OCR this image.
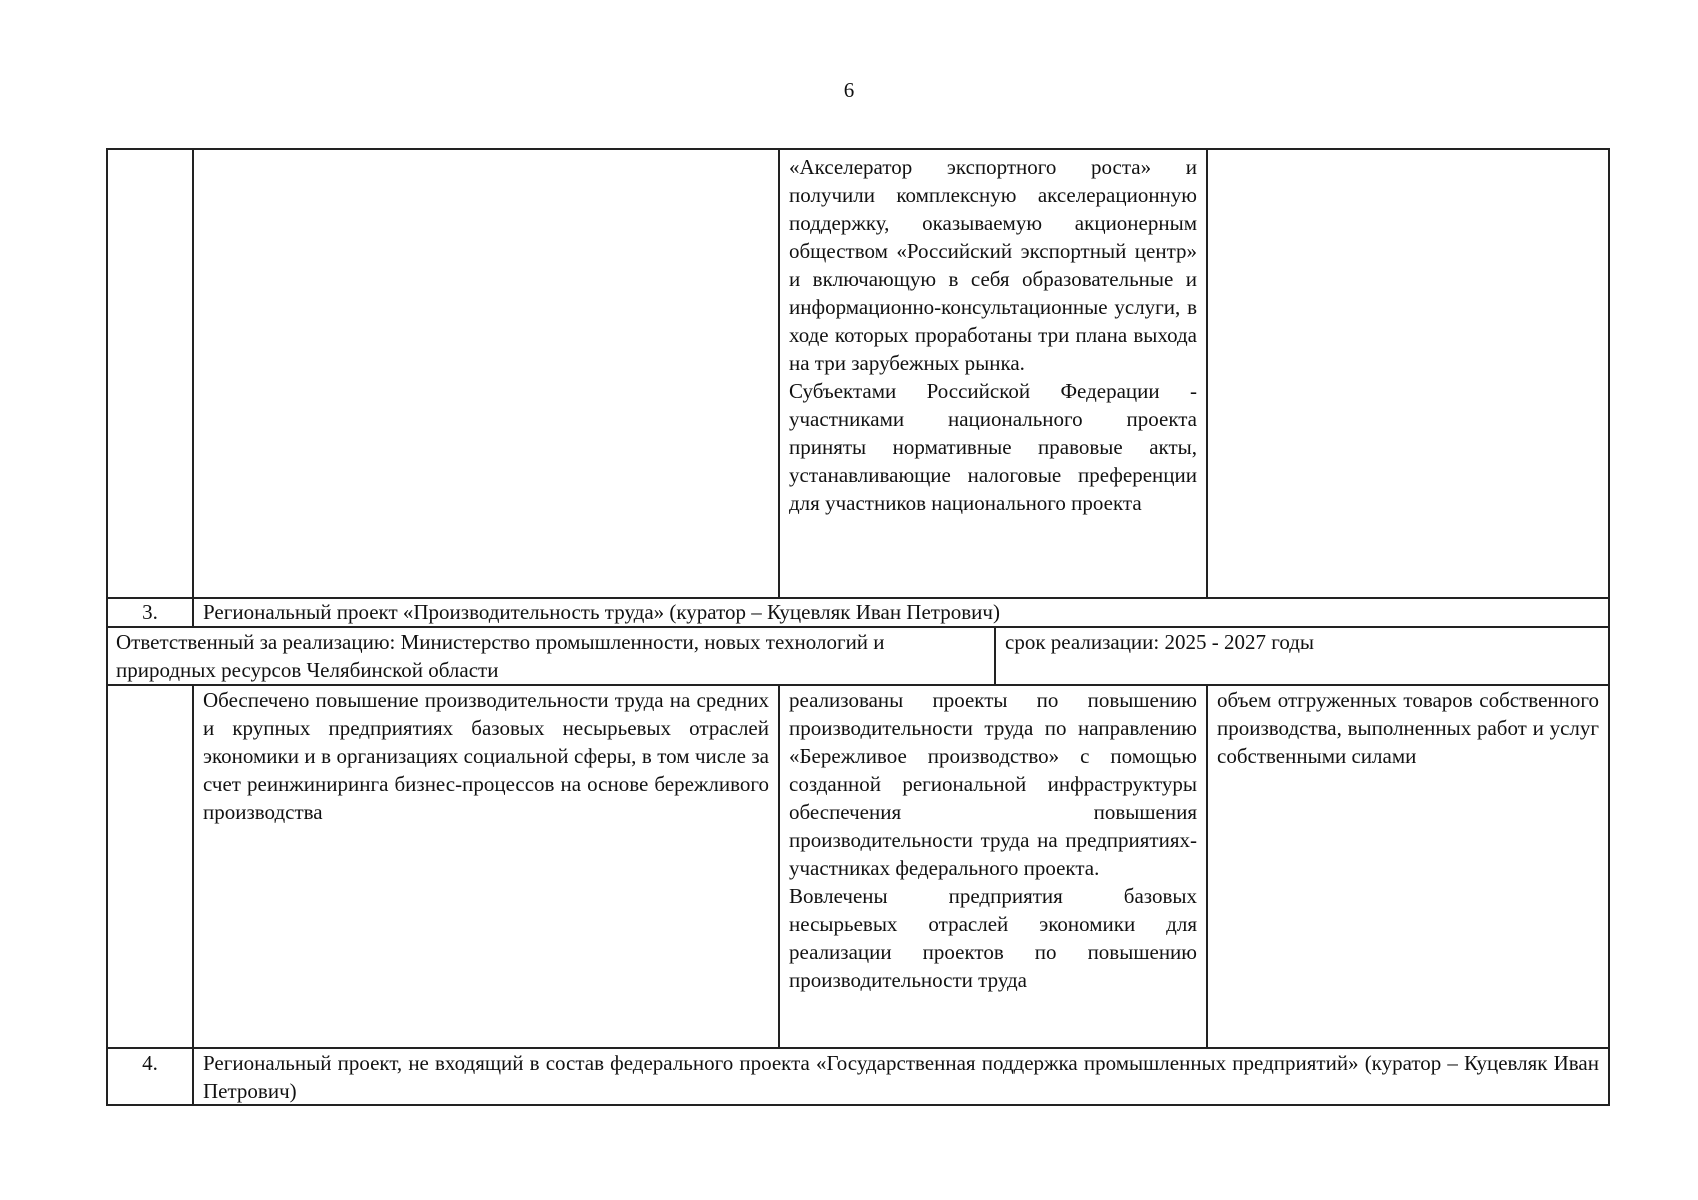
6

«Акселератор экспортного роста» и получили комплексную акселерационную поддержку, оказываемую акционерным обществом «Российский экспортный центр» и включающую в себя образовательные и информационно-консультационные услуги, в ходе которых проработаны три плана выхода на три зарубежных рынка.

Субъектами Российской Федерации - участниками национального проекта приняты нормативные правовые акты, устанавливающие налоговые преференции для участников национального проекта

3.	Региональный проект «Производительность труда» (куратор – Куцевляк Иван Петрович)
Ответственный за реализацию: Министерство промышленности, новых технологий и природных ресурсов Челябинской области
срок реализации: 2025 - 2027 годы
Обеспечено повышение производительности труда на средних и крупных предприятиях базовых несырьевых отраслей экономики и в организациях социальной сферы, в том числе за счет реинжиниринга бизнес-процессов на основе бережливого производства

реализованы проекты по повышению производительности труда по направлению «Бережливое производство» с помощью созданной региональной инфраструктуры обеспечения повышения производительности труда на предприятиях-участниках федерального проекта.

Вовлечены предприятия базовых несырьевых отраслей экономики для реализации проектов по повышению производительности труда

объем отгруженных товаров собственного производства, выполненных работ и услуг собственными силами
4.	Региональный проект, не входящий в состав федерального проекта «Государственная поддержка промышленных предприятий» (куратор – Куцевляк Иван Петрович)
